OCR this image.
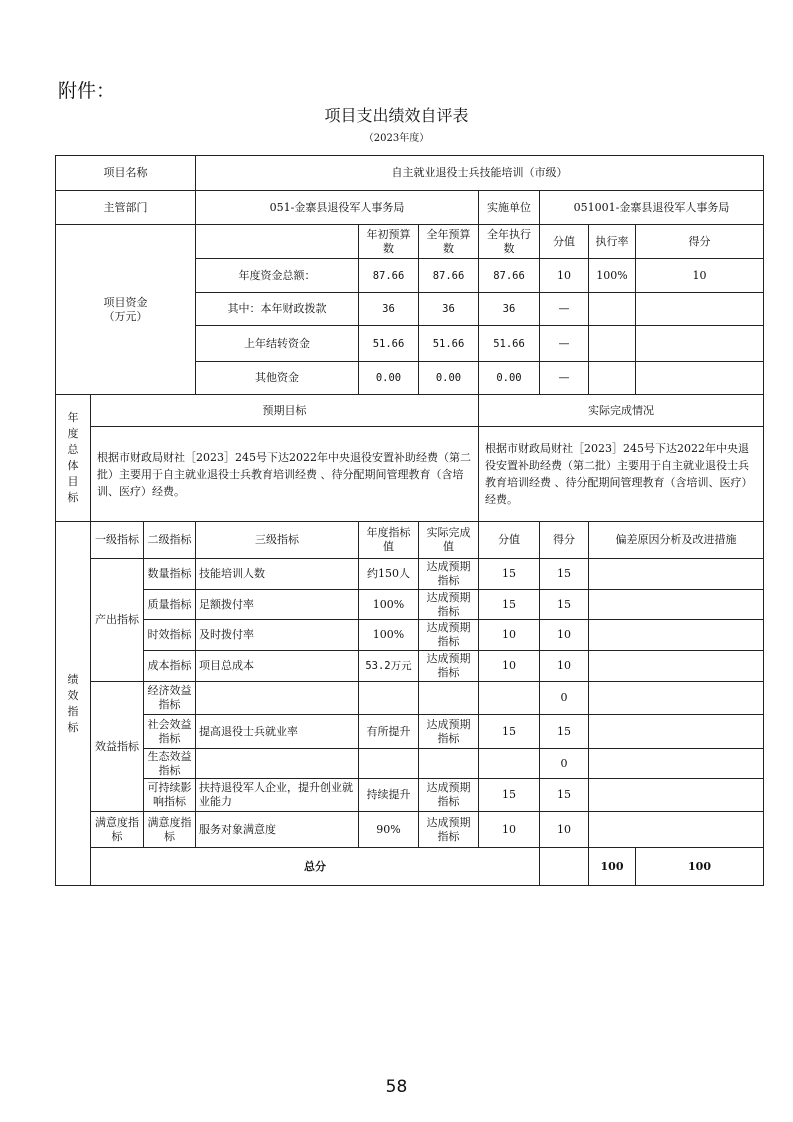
附件：
项目支出绩效自评表
（2023年度）
项目名称			自主就业退役士兵技能培训（市级）							
主管部门			051-金寨县退役军人事务局			实施单位	051001-金寨县退役军人事务局			
项目资金
（万元）				年初预算数	全年预算数	全年执行数	分值	执行率	得分	
			年度资金总额：	87.66	87.66	87.66	10	100%	10	
			其中：本年财政拨款	36	36	36	—			
			上年结转资金	51.66	51.66	51.66	—			
			其他资金	0.00	0.00	0.00	—			

年度总体目标	预期目标					实际完成情况				
	根据市财政局财社［2023］245号下达2022年中央退役安置补助经费（第二批）主要用于自主就业退役士兵教育培训经费 、待分配期间管理教育（含培训、医疗）经费。					根据市财政局财社［2023］245号下达2022年中央退役安置补助经费（第二批）主要用于自主就业退役士兵教育培训经费 、待分配期间管理教育（含培训、医疗）经费。				

绩效指标	一级指标	二级指标	三级指标	年度指标值	实际完成值	分值	得分	偏差原因分析及改进措施		
	产出指标	数量指标	技能培训人数	约150人	达成预期指标	15	15			
		质量指标	足额拨付率	100%	达成预期指标	15	15			
		时效指标	及时拨付率	100%	达成预期指标	10	10			
		成本指标	项目总成本	53.2万元	达成预期指标	10	10			
	效益指标	经济效益指标					0			
		社会效益指标	提高退役士兵就业率	有所提升	达成预期指标	15	15			
		生态效益指标					0			
		可持续影响指标	扶持退役军人企业，提升创业就业能力	持续提升	达成预期指标	15	15			
	满意度指标	满意度指标	服务对象满意度	90%	达成预期指标	10	10			
	总分							100	100	
58
